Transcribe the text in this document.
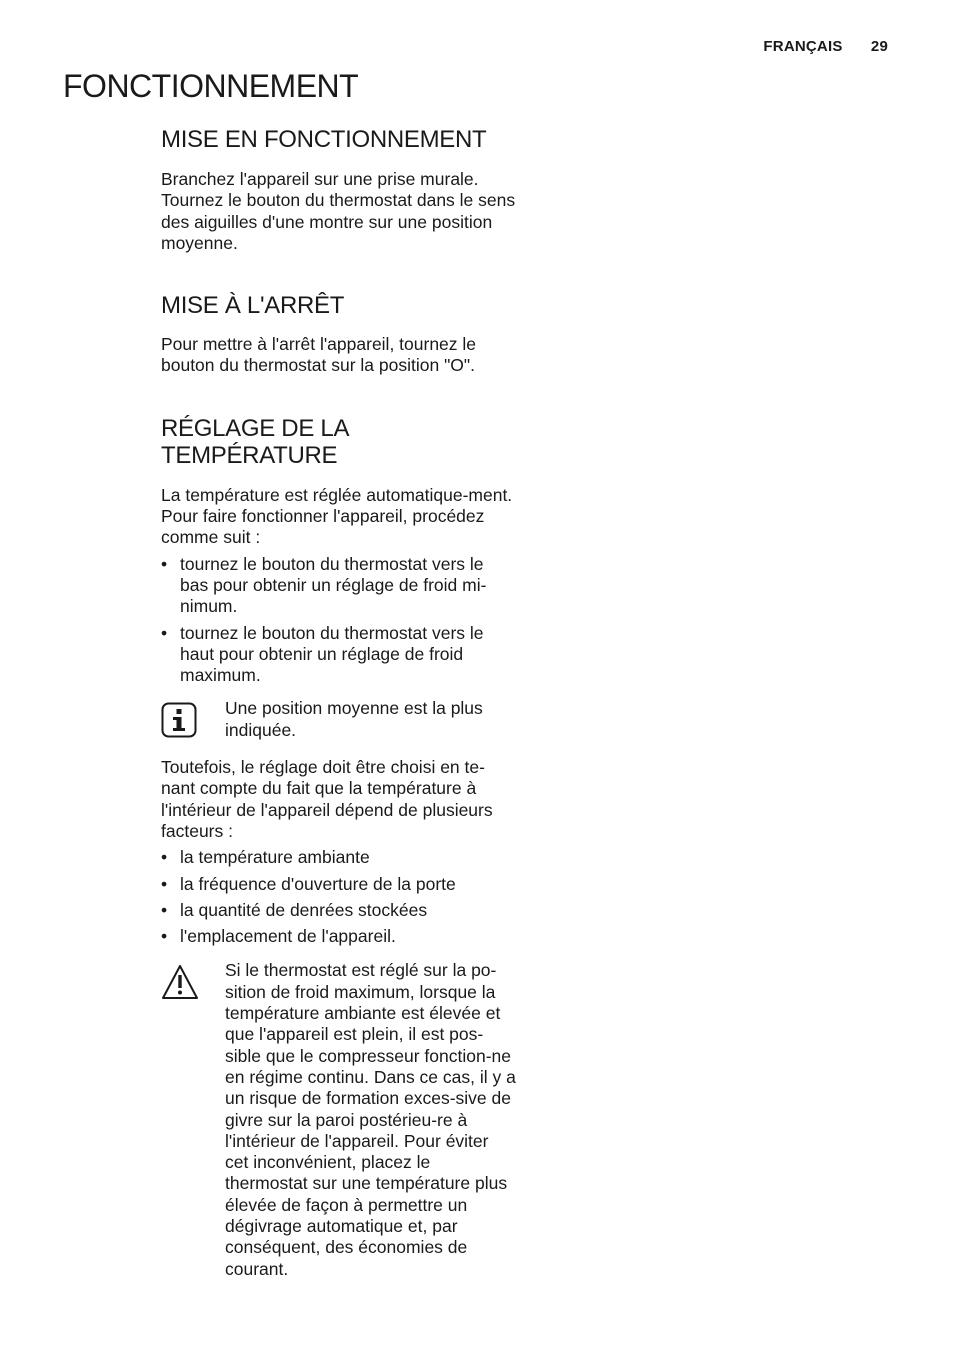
FRANÇAIS 29
FONCTIONNEMENT
MISE EN FONCTIONNEMENT

Branchez l'appareil sur une prise murale. Tournez le bouton du thermostat dans le sens des aiguilles d'une montre sur une position moyenne.

MISE À L'ARRÊT

Pour mettre à l'arrêt l'appareil, tournez le bouton du thermostat sur la position "O".

RÉGLAGE DE LA
TEMPÉRATURE

La température est réglée automatique-ment.
Pour faire fonctionner l'appareil, procédez comme suit :

• tournez le bouton du thermostat vers le bas pour obtenir un réglage de froid mi-nimum.
• tournez le bouton du thermostat vers le haut pour obtenir un réglage de froid maximum.
Une position moyenne est la plus indiquée.

Toutefois, le réglage doit être choisi en te-nant compte du fait que la température à l'intérieur de l'appareil dépend de plusieurs facteurs :

• la température ambiante
• la fréquence d'ouverture de la porte
• la quantité de denrées stockées
• l'emplacement de l'appareil.
Si le thermostat est réglé sur la po-sition de froid maximum, lorsque la température ambiante est élevée et que l'appareil est plein, il est pos-sible que le compresseur fonction-ne en régime continu. Dans ce cas, il y a un risque de formation exces-sive de givre sur la paroi postérieu-re à l'intérieur de l'appareil. Pour éviter cet inconvénient, placez le thermostat sur une température plus élevée de façon à permettre un dégivrage automatique et, par conséquent, des économies de courant.
